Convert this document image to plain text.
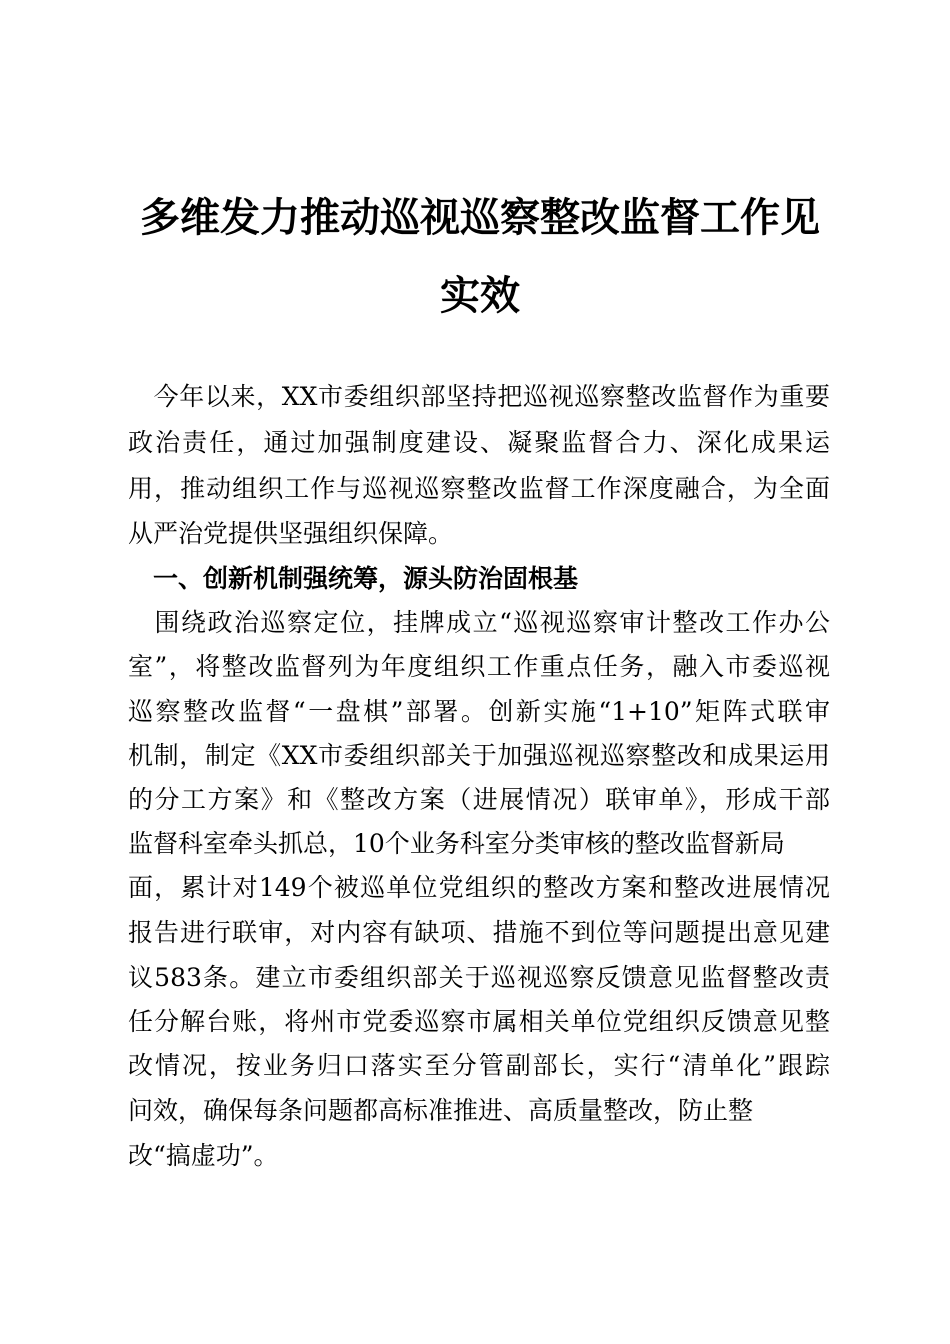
多维发力推动巡视巡察整改监督工作见
实效
　今年以来，XX市委组织部坚持把巡视巡察整改监督作为重要
政治责任，通过加强制度建设、凝聚监督合力、深化成果运
用，推动组织工作与巡视巡察整改监督工作深度融合，为全面
从严治党提供坚强组织保障。
　一、创新机制强统筹，源头防治固根基
　围绕政治巡察定位，挂牌成立“巡视巡察审计整改工作办公
室”，将整改监督列为年度组织工作重点任务，融入市委巡视
巡察整改监督“一盘棋”部署。创新实施“1+10”矩阵式联审
机制，制定《XX市委组织部关于加强巡视巡察整改和成果运用
的分工方案》和《整改方案（进展情况）联审单》，形成干部
监督科室牵头抓总，10个业务科室分类审核的整改监督新局
面，累计对149个被巡单位党组织的整改方案和整改进展情况
报告进行联审，对内容有缺项、措施不到位等问题提出意见建
议583条。建立市委组织部关于巡视巡察反馈意见监督整改责
任分解台账，将州市党委巡察市属相关单位党组织反馈意见整
改情况，按业务归口落实至分管副部长，实行“清单化”跟踪
问效，确保每条问题都高标准推进、高质量整改，防止整
改“搞虚功”。
